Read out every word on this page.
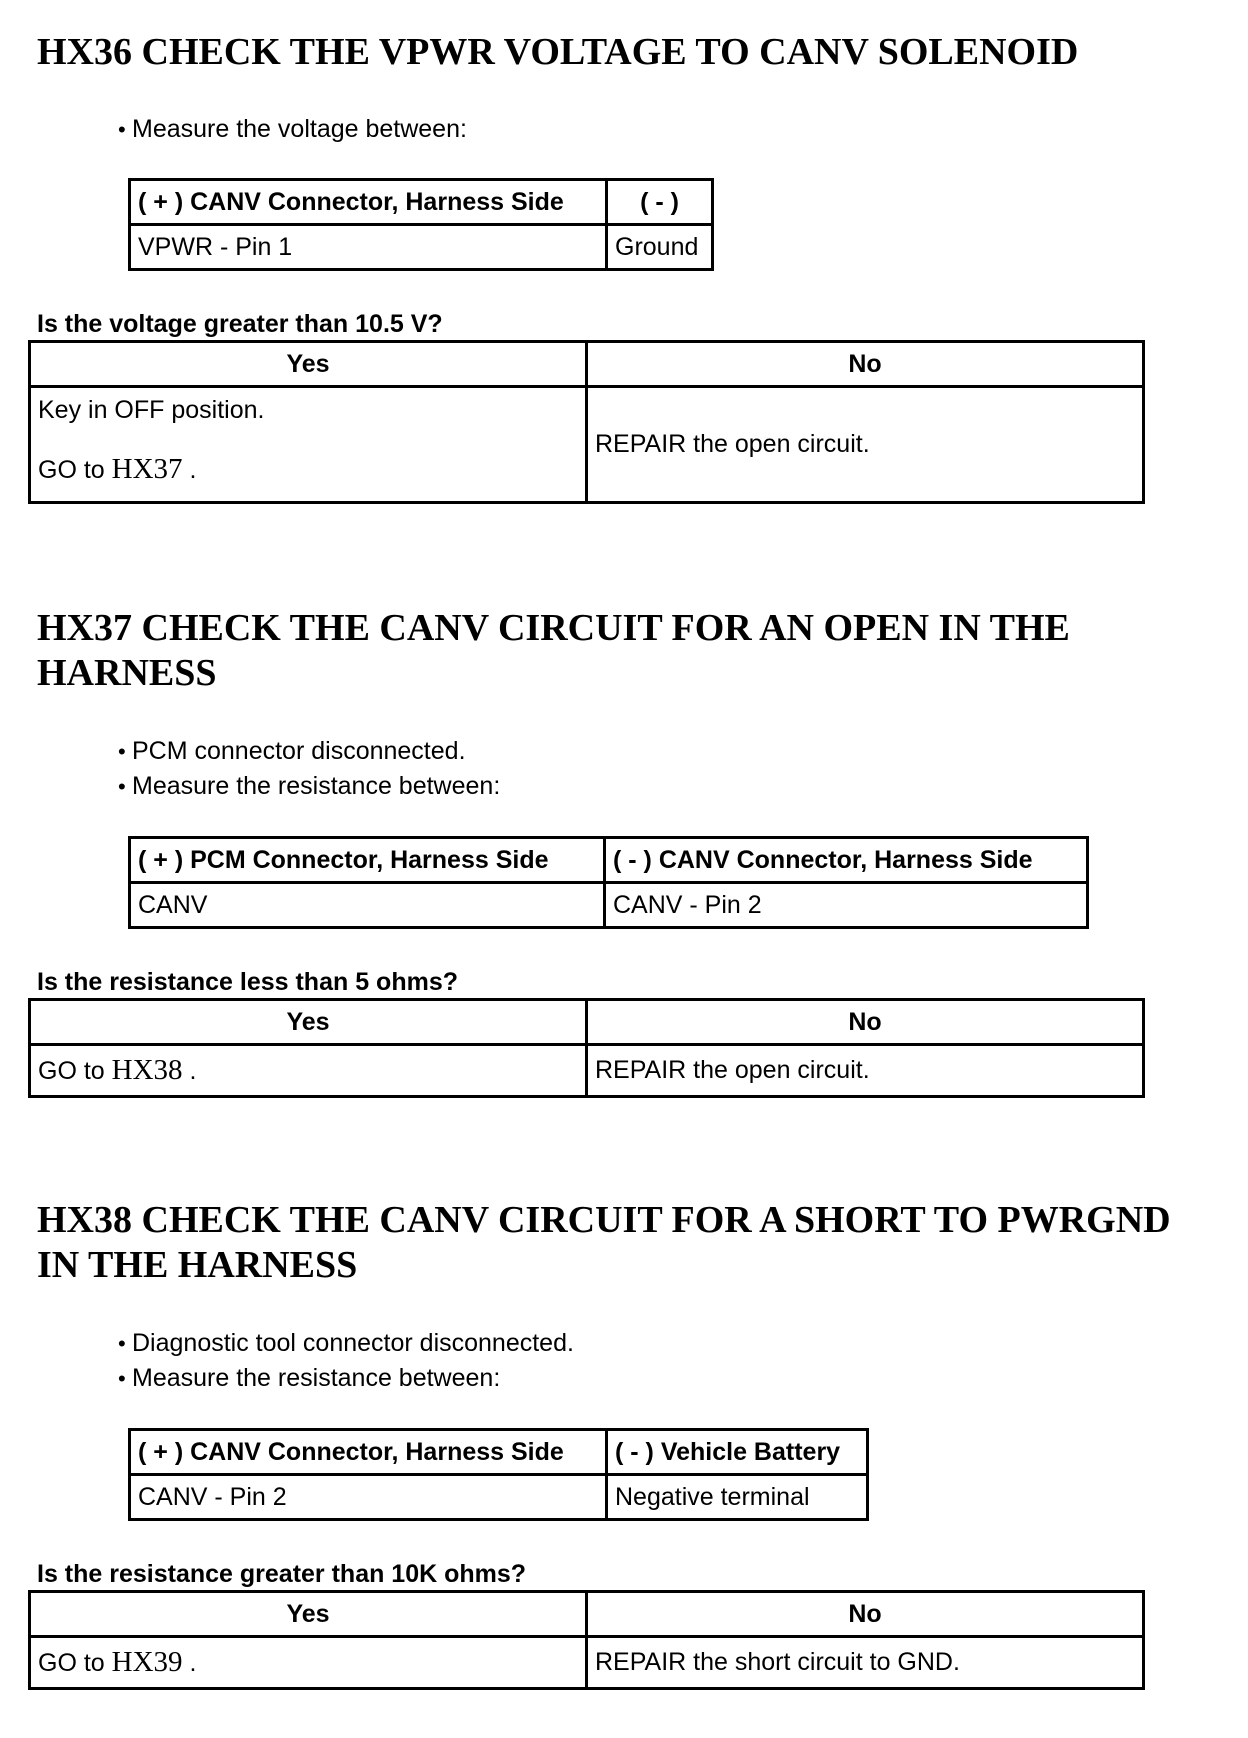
HX36 CHECK THE VPWR VOLTAGE TO CANV SOLENOID
• Measure the voltage between:
( + ) CANV Connector, Harness Side	( - )
VPWR - Pin 1	Ground

Is the voltage greater than 10.5 V?

Yes	No

Key in OFF position.
GO to HX37 .	REPAIR the open circuit.
HX37 CHECK THE CANV CIRCUIT FOR AN OPEN IN THE
HARNESS
• PCM connector disconnected.
• Measure the resistance between:
( + ) PCM Connector, Harness Side	( - ) CANV Connector, Harness Side
CANV	CANV - Pin 2

Is the resistance less than 5 ohms?

Yes	No
GO to HX38 .	REPAIR the open circuit.
HX38 CHECK THE CANV CIRCUIT FOR A SHORT TO PWRGND
IN THE HARNESS
• Diagnostic tool connector disconnected.
• Measure the resistance between:
( + ) CANV Connector, Harness Side	( - ) Vehicle Battery
CANV - Pin 2	Negative terminal

Is the resistance greater than 10K ohms?

Yes	No
GO to HX39 .	REPAIR the short circuit to GND.
